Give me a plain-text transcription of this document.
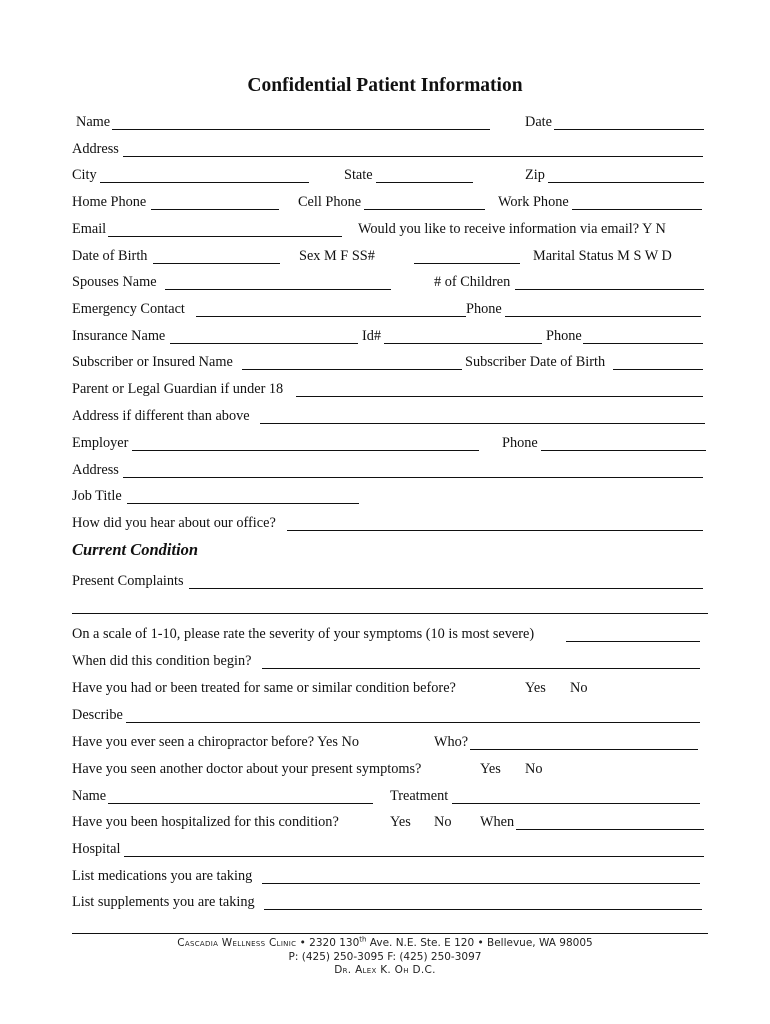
Confidential Patient Information
Name	Date
Address
City	State	Zip
Home Phone	Cell Phone	Work Phone
Email	Would you like to receive information via email? Y N
Date of Birth	Sex M F SS#	Marital Status M S W D
Spouses Name	# of Children
Emergency Contact	Phone
Insurance Name	Id#	Phone
Subscriber or Insured Name	Subscriber Date of Birth
Parent or Legal Guardian if under 18
Address if different than above
Employer	Phone
Address
Job Title
How did you hear about our office?
Current Condition
Present Complaints
On a scale of 1-10, please rate the severity of your symptoms (10 is most severe)
When did this condition begin?
Have you had or been treated for same or similar condition before?	Yes No
Describe
Have you ever seen a chiropractor before? Yes No	Who?
Have you seen another doctor about your present symptoms?	Yes No
Name	Treatment
Have you been hospitalized for this condition?	Yes No When
Hospital
List medications you are taking
List supplements you are taking
Cascadia Wellness Clinic • 2320 130th Ave. N.E. Ste. E 120 • Bellevue, WA 98005
P: (425) 250-3095 F: (425) 250-3097
Dr. Alex K. Oh D.C.
